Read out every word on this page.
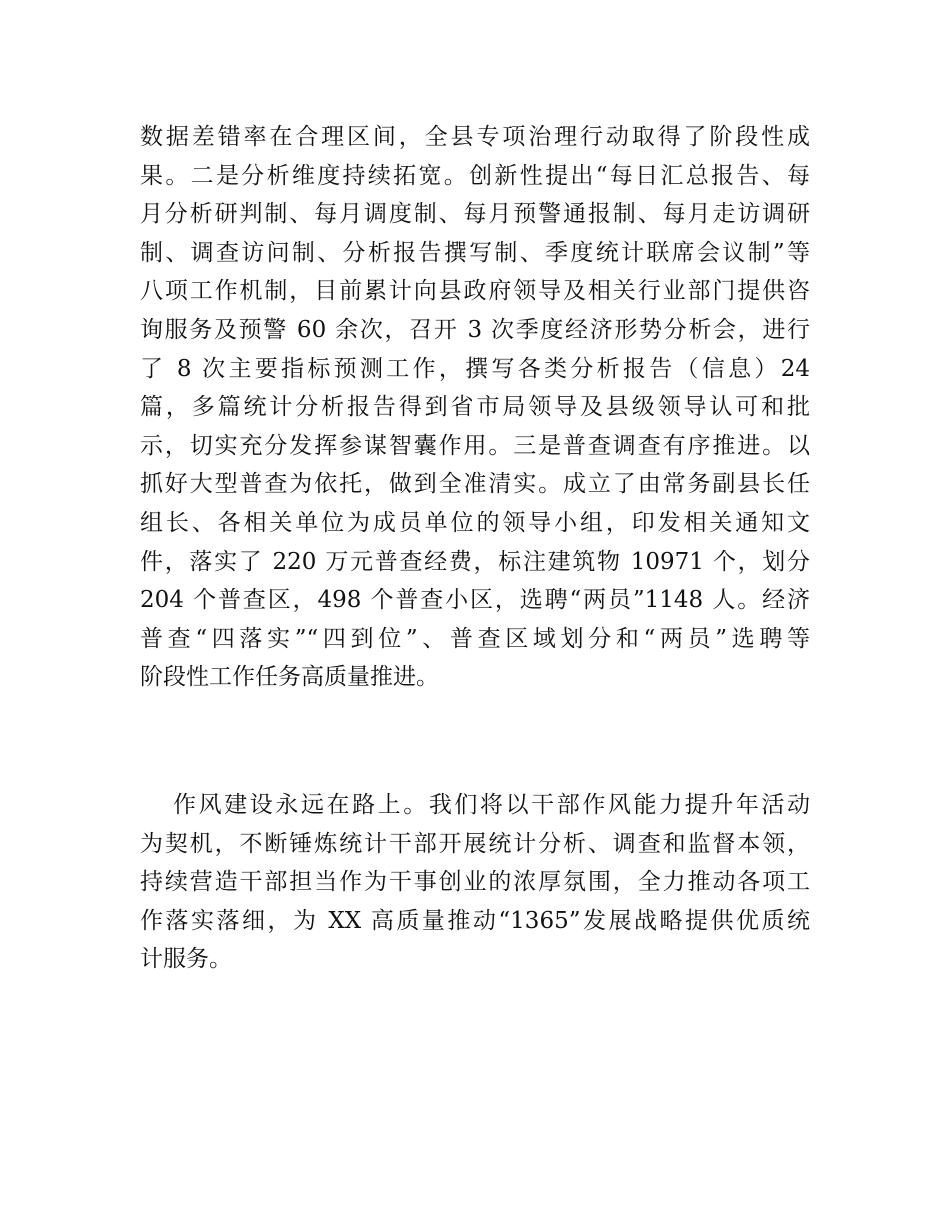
数据差错率在合理区间，全县专项治理行动取得了阶段性成
果。二是分析维度持续拓宽。创新性提出“每日汇总报告、每
月分析研判制、每月调度制、每月预警通报制、每月走访调研
制、调查访问制、分析报告撰写制、季度统计联席会议制”等
八项工作机制，目前累计向县政府领导及相关行业部门提供咨
询服务及预警 60 余次，召开 3 次季度经济形势分析会，进行
了 8 次主要指标预测工作，撰写各类分析报告（信息）24
篇，多篇统计分析报告得到省市局领导及县级领导认可和批
示，切实充分发挥参谋智囊作用。三是普查调查有序推进。以
抓好大型普查为依托，做到全准清实。成立了由常务副县长任
组长、各相关单位为成员单位的领导小组，印发相关通知文
件，落实了 220 万元普查经费，标注建筑物 10971 个，划分
204 个普查区，498 个普查小区，选聘“两员”1148 人。经济
普查“四落实”“四到位”、普查区域划分和“两员”选聘等
阶段性工作任务高质量推进。
作风建设永远在路上。我们将以干部作风能力提升年活动
为契机，不断锤炼统计干部开展统计分析、调查和监督本领，
持续营造干部担当作为干事创业的浓厚氛围，全力推动各项工
作落实落细，为 XX 高质量推动“1365”发展战略提供优质统
计服务。
